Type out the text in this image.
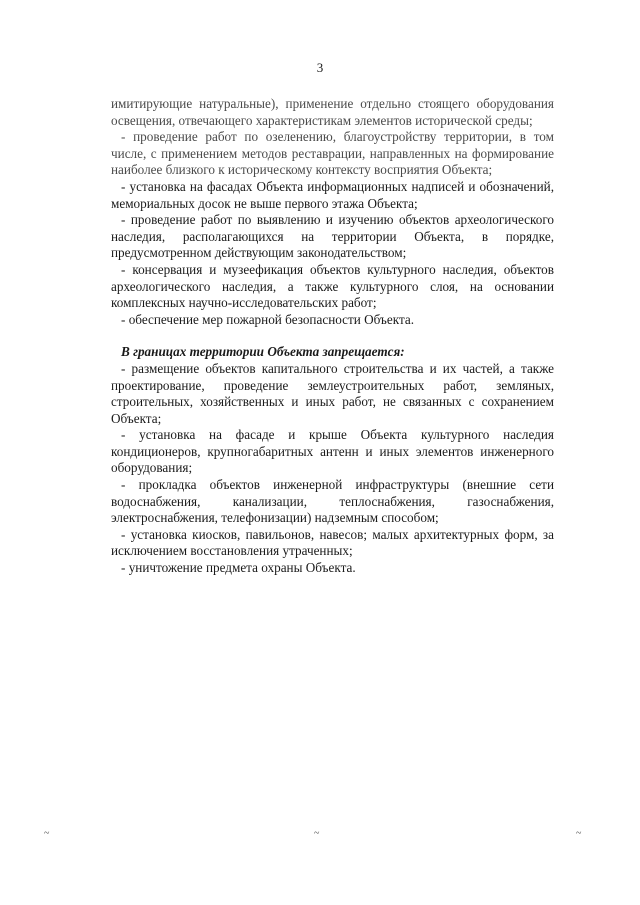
3

имитирующие натуральные), применение отдельно стоящего оборудования освещения, отвечающего характеристикам элементов исторической среды;

- проведение работ по озеленению, благоустройству территории, в том числе, с применением методов реставрации, направленных на формирование наиболее близкого к историческому контексту восприятия Объекта;

- установка на фасадах Объекта информационных надписей и обозначений, мемориальных досок не выше первого этажа Объекта;

- проведение работ по выявлению и изучению объектов археологического наследия, располагающихся на территории Объекта, в порядке, предусмотренном действующим законодательством;

- консервация и музеефикация объектов культурного наследия, объектов археологического наследия, а также культурного слоя, на основании комплексных научно-исследовательских работ;

- обеспечение мер пожарной безопасности Объекта.

В границах территории Объекта запрещается:

- размещение объектов капитального строительства и их частей, а также проектирование, проведение землеустроительных работ, земляных, строительных, хозяйственных и иных работ, не связанных с сохранением Объекта;

- установка на фасаде и крыше Объекта культурного наследия кондиционеров, крупногабаритных антенн и иных элементов инженерного оборудования;

- прокладка объектов инженерной инфраструктуры (внешние сети водоснабжения, канализации, теплоснабжения, газоснабжения, электроснабжения, телефонизации) надземным способом;

- установка киосков, павильонов, навесов; малых архитектурных форм, за исключением восстановления утраченных;

- уничтожение предмета охраны Объекта.

~	~	~
